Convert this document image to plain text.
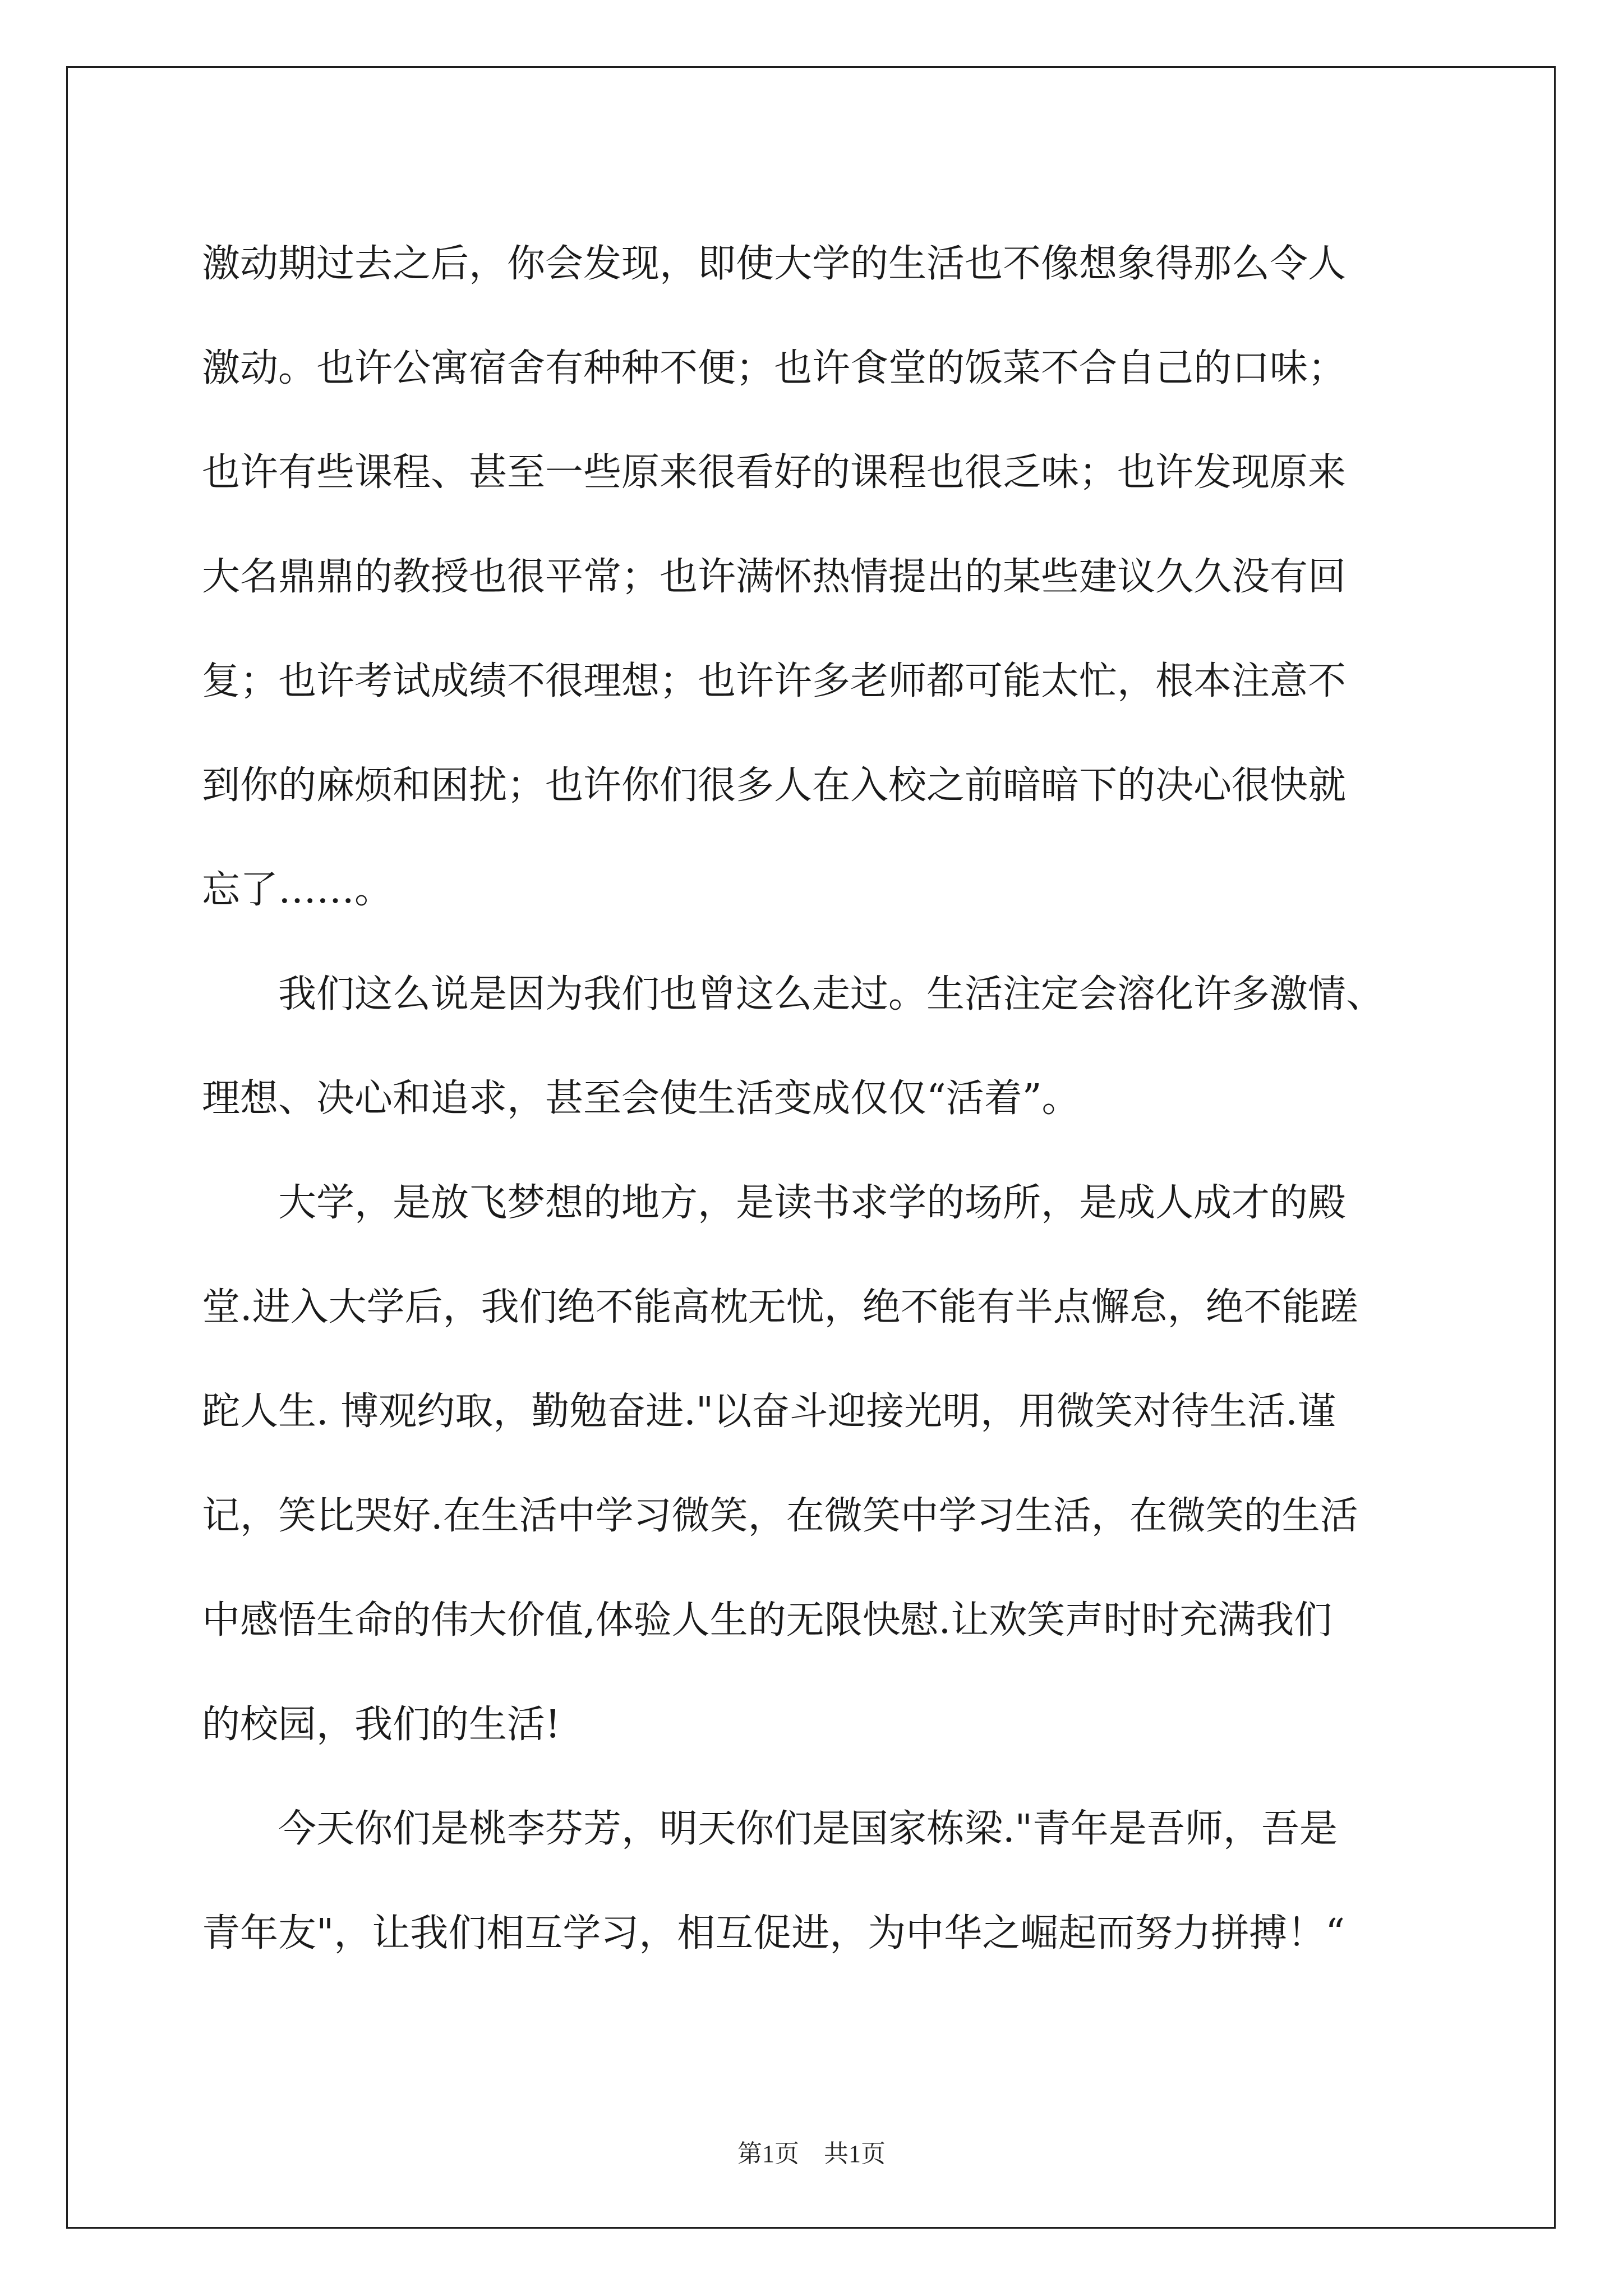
激动期过去之后，你会发现，即使大学的生活也不像想象得那么令人
激动。也许公寓宿舍有种种不便；也许食堂的饭菜不合自己的口味；
也许有些课程、甚至一些原来很看好的课程也很乏味；也许发现原来
大名鼎鼎的教授也很平常；也许满怀热情提出的某些建议久久没有回
复；也许考试成绩不很理想；也许许多老师都可能太忙，根本注意不
到你的麻烦和困扰；也许你们很多人在入校之前暗暗下的决心很快就
忘了……。
我们这么说是因为我们也曾这么走过。生活注定会溶化许多激情、
理想、决心和追求，甚至会使生活变成仅仅“活着”。
大学，是放飞梦想的地方，是读书求学的场所，是成人成才的殿
堂.进入大学后，我们绝不能高枕无忧，绝不能有半点懈怠，绝不能蹉
跎人生. 博观约取，勤勉奋进."以奋斗迎接光明，用微笑对待生活.谨
记，笑比哭好.在生活中学习微笑，在微笑中学习生活，在微笑的生活
中感悟生命的伟大价值,体验人生的无限快慰.让欢笑声时时充满我们
的校园，我们的生活!
今天你们是桃李芬芳，明天你们是国家栋梁."青年是吾师，吾是
青年友"，让我们相互学习，相互促进，为中华之崛起而努力拼搏！“
第1页　共1页
